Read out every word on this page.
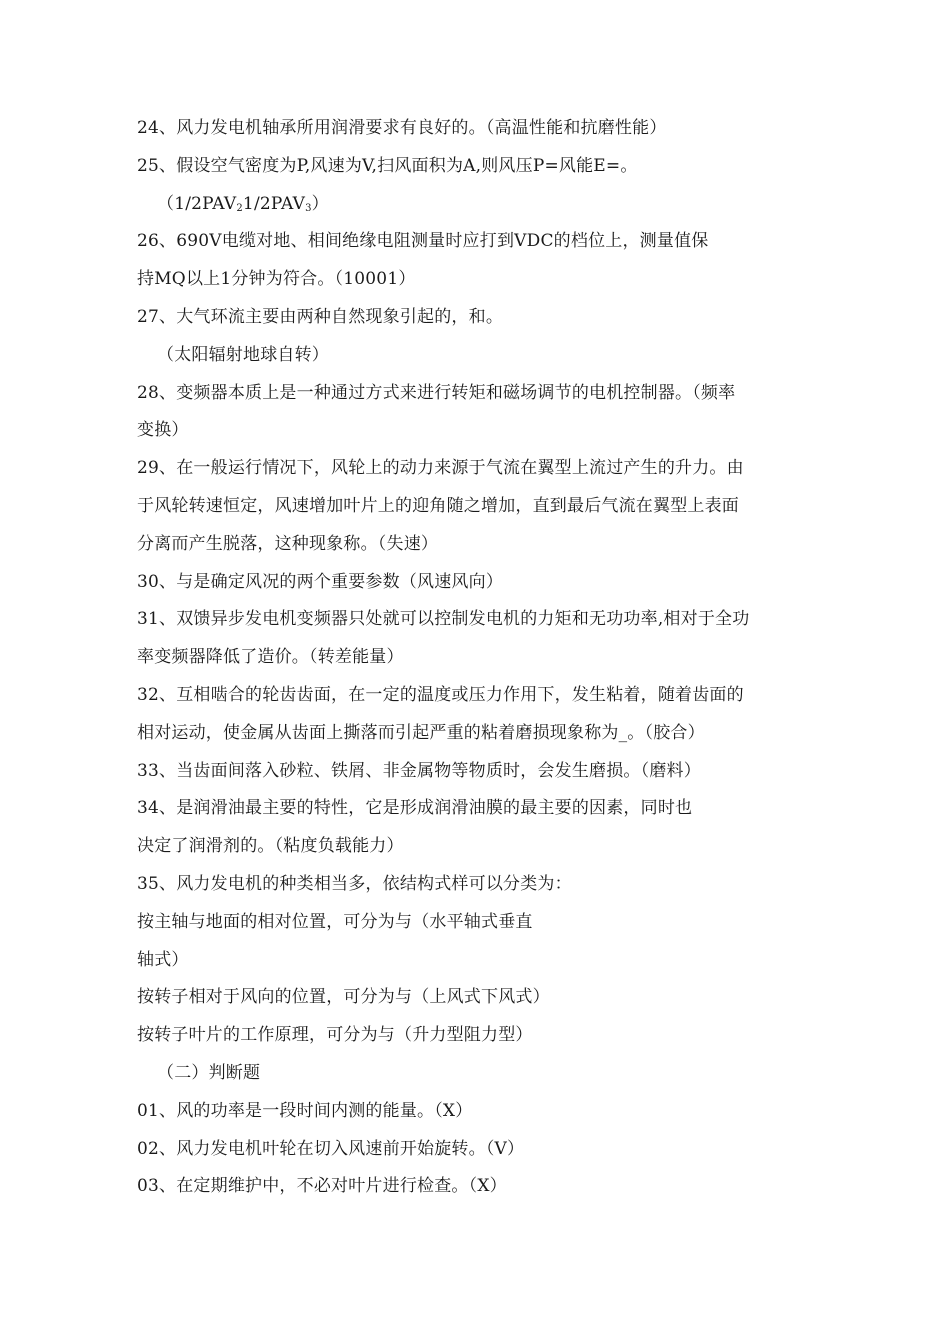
24、风力发电机轴承所用润滑要求有良好的。（高温性能和抗磨性能）
25、假设空气密度为P,风速为V,扫风面积为A,则风压P=风能E=。
$(1/2PAV_21/2PAV_3)$
26、690V电缆对地、相间绝缘电阻测量时应打到VDC的档位上，测量值保
持MQ以上1分钟为符合。（10001）
27、大气环流主要由两种自然现象引起的，和。
（太阳辐射地球自转）
28、变频器本质上是一种通过方式来进行转矩和磁场调节的电机控制器。（频率
变换）
29、在一般运行情况下，风轮上的动力来源于气流在翼型上流过产生的升力。由
于风轮转速恒定，风速增加叶片上的迎角随之增加，直到最后气流在翼型上表面
分离而产生脱落，这种现象称。（失速）
30、与是确定风况的两个重要参数（风速风向）
31、双馈异步发电机变频器只处就可以控制发电机的力矩和无功功率,相对于全功
率变频器降低了造价。（转差能量）
32、互相啮合的轮齿齿面，在一定的温度或压力作用下，发生粘着，随着齿面的
相对运动，使金属从齿面上撕落而引起严重的粘着磨损现象称为_。（胶合）
33、当齿面间落入砂粒、铁屑、非金属物等物质时，会发生磨损。（磨料）
34、是润滑油最主要的特性，它是形成润滑油膜的最主要的因素，同时也
决定了润滑剂的。（粘度负载能力）
35、风力发电机的种类相当多，依结构式样可以分类为：
按主轴与地面的相对位置，可分为与（水平轴式垂直
轴式）
按转子相对于风向的位置，可分为与（上风式下风式）
按转子叶片的工作原理，可分为与（升力型阻力型）
（二）判断题
01、风的功率是一段时间内测的能量。（X）
02、风力发电机叶轮在切入风速前开始旋转。（V）
03、在定期维护中，不必对叶片进行检查。（X）
